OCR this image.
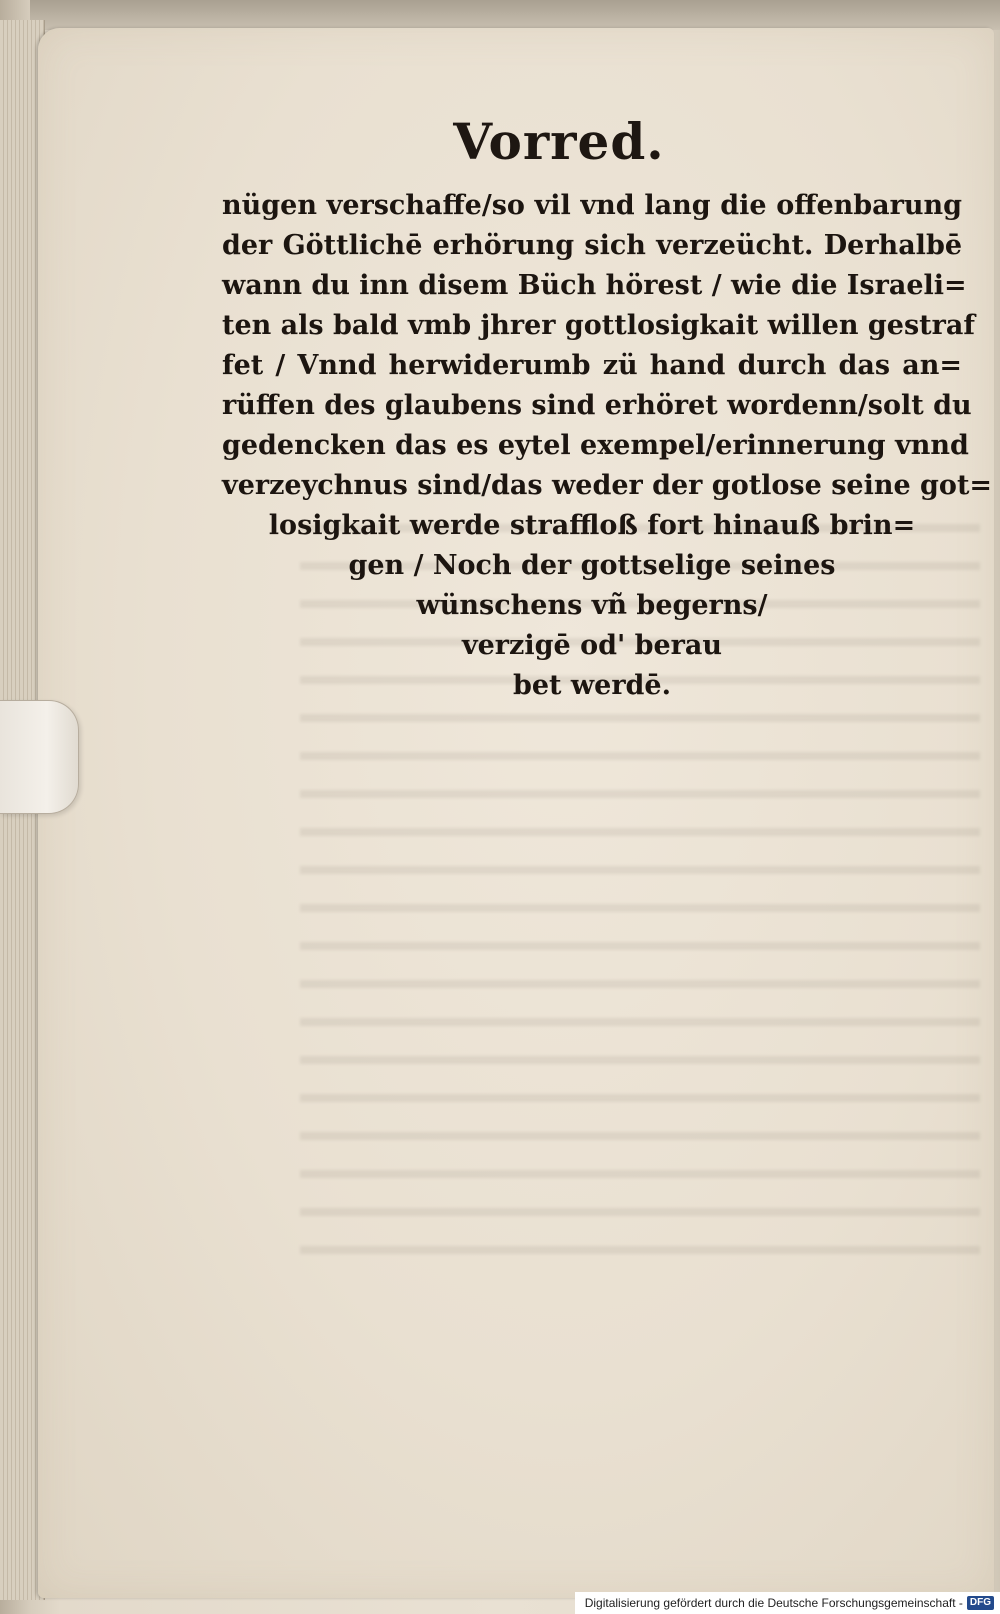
Vorred.

nügen verschaffe/so vil vnd lang die offenbarung

der Göttlichē erhörung sich verzeücht. Derhalbē

wann du inn disem Büch hörest / wie die Israeli=

ten als bald vmb jhrer gottlosigkait willen gestraf

fet / Vnnd herwiderumb zü hand durch das an=

rüffen des glaubens sind erhöret wordenn/solt du

gedencken das es eytel exempel/erinnerung vnnd

verzeychnus sind/das weder der gotlose seine got=

losigkait werde straffloß fort hinauß brin=

gen / Noch der gottselige seines

wünschens vñ begerns/

verzigē od' berau

bet werdē.

Digitalisierung gefördert durch die Deutsche Forschungsgemeinschaft - DFG
